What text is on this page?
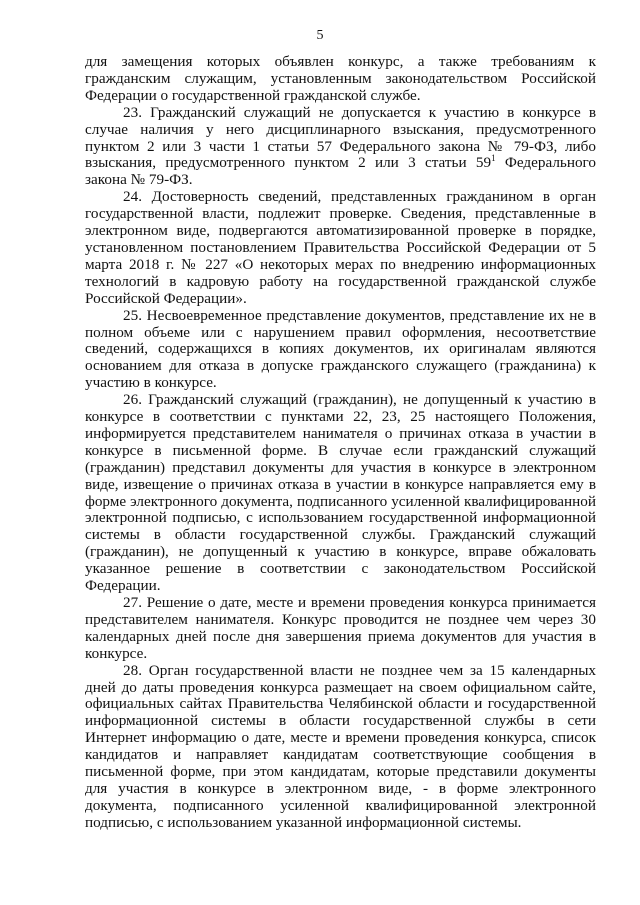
5

для замещения которых объявлен конкурс, а также требованиям к гражданским служащим, установленным законодательством Российской Федерации о государственной гражданской службе.

23. Гражданский служащий не допускается к участию в конкурсе в случае наличия у него дисциплинарного взыскания, предусмотренного пунктом 2 или 3 части 1 статьи 57 Федерального закона № 79-ФЗ, либо взыскания, предусмотренного пунктом 2 или 3 статьи $59^1$ Федерального закона № 79-ФЗ.

24. Достоверность сведений, представленных гражданином в орган государственной власти, подлежит проверке. Сведения, представленные в электронном виде, подвергаются автоматизированной проверке в порядке, установленном постановлением Правительства Российской Федерации от 5 марта 2018 г. № 227 «О некоторых мерах по внедрению информационных технологий в кадровую работу на государственной гражданской службе Российской Федерации».

25. Несвоевременное представление документов, представление их не в полном объеме или с нарушением правил оформления, несоответствие сведений, содержащихся в копиях документов, их оригиналам являются основанием для отказа в допуске гражданского служащего (гражданина) к участию в конкурсе.

26. Гражданский служащий (гражданин), не допущенный к участию в конкурсе в соответствии с пунктами 22, 23, 25 настоящего Положения, информируется представителем нанимателя о причинах отказа в участии в конкурсе в письменной форме. В случае если гражданский служащий (гражданин) представил документы для участия в конкурсе в электронном виде, извещение о причинах отказа в участии в конкурсе направляется ему в форме электронного документа, подписанного усиленной квалифицированной электронной подписью, с использованием государственной информационной системы в области государственной службы. Гражданский служащий (гражданин), не допущенный к участию в конкурсе, вправе обжаловать указанное решение в соответствии с законодательством Российской Федерации.

27. Решение о дате, месте и времени проведения конкурса принимается представителем нанимателя. Конкурс проводится не позднее чем через 30 календарных дней после дня завершения приема документов для участия в конкурсе.

28. Орган государственной власти не позднее чем за 15 календарных дней до даты проведения конкурса размещает на своем официальном сайте, официальных сайтах Правительства Челябинской области и государственной информационной системы в области государственной службы в сети Интернет информацию о дате, месте и времени проведения конкурса, список кандидатов и направляет кандидатам соответствующие сообщения в письменной форме, при этом кандидатам, которые представили документы для участия в конкурсе в электронном виде, - в форме электронного документа, подписанного усиленной квалифицированной электронной подписью, с использованием указанной информационной системы.
